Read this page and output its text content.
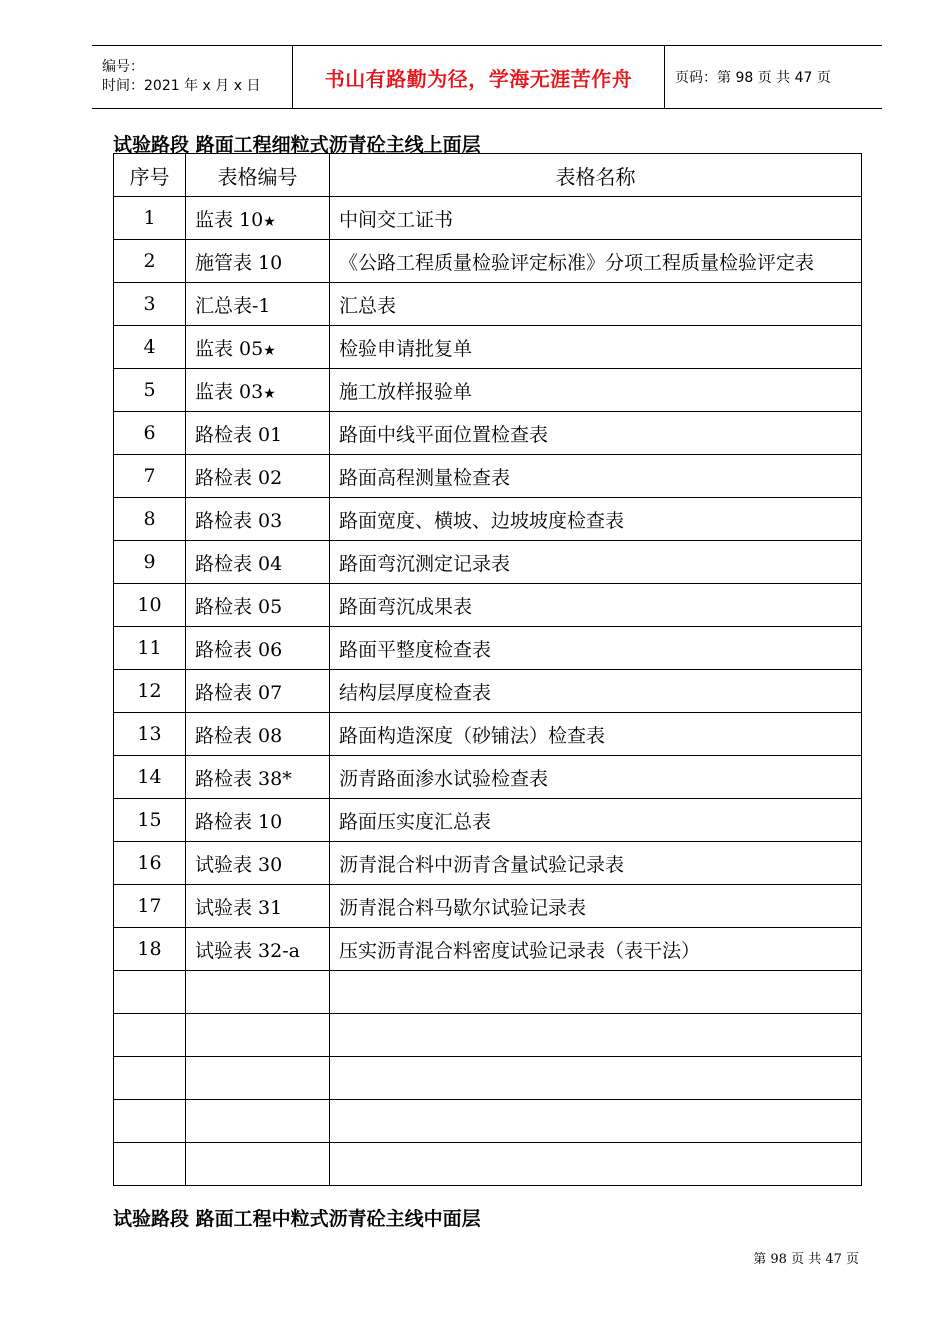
编号：
时间：2021 年 x 月 x 日	书山有路勤为径，学海无涯苦作舟	页码：第 98 页 共 47 页
试验路段 路面工程细粒式沥青砼主线上面层
序号	表格编号	表格名称
1	监表 10★	中间交工证书
2	施管表 10	《公路工程质量检验评定标准》分项工程质量检验评定表
3	汇总表-1	汇总表
4	监表 05★	检验申请批复单
5	监表 03★	施工放样报验单
6	路检表 01	路面中线平面位置检查表
7	路检表 02	路面高程测量检查表
8	路检表 03	路面宽度、横坡、边坡坡度检查表
9	路检表 04	路面弯沉测定记录表
10	路检表 05	路面弯沉成果表
11	路检表 06	路面平整度检查表
12	路检表 07	结构层厚度检查表
13	路检表 08	路面构造深度（砂铺法）检查表
14	路检表 38*	沥青路面渗水试验检查表
15	路检表 10	路面压实度汇总表
16	试验表 30	沥青混合料中沥青含量试验记录表
17	试验表 31	沥青混合料马歇尔试验记录表
18	试验表 32-a	压实沥青混合料密度试验记录表（表干法）

试验路段 路面工程中粒式沥青砼主线中面层
第 98 页 共 47 页
